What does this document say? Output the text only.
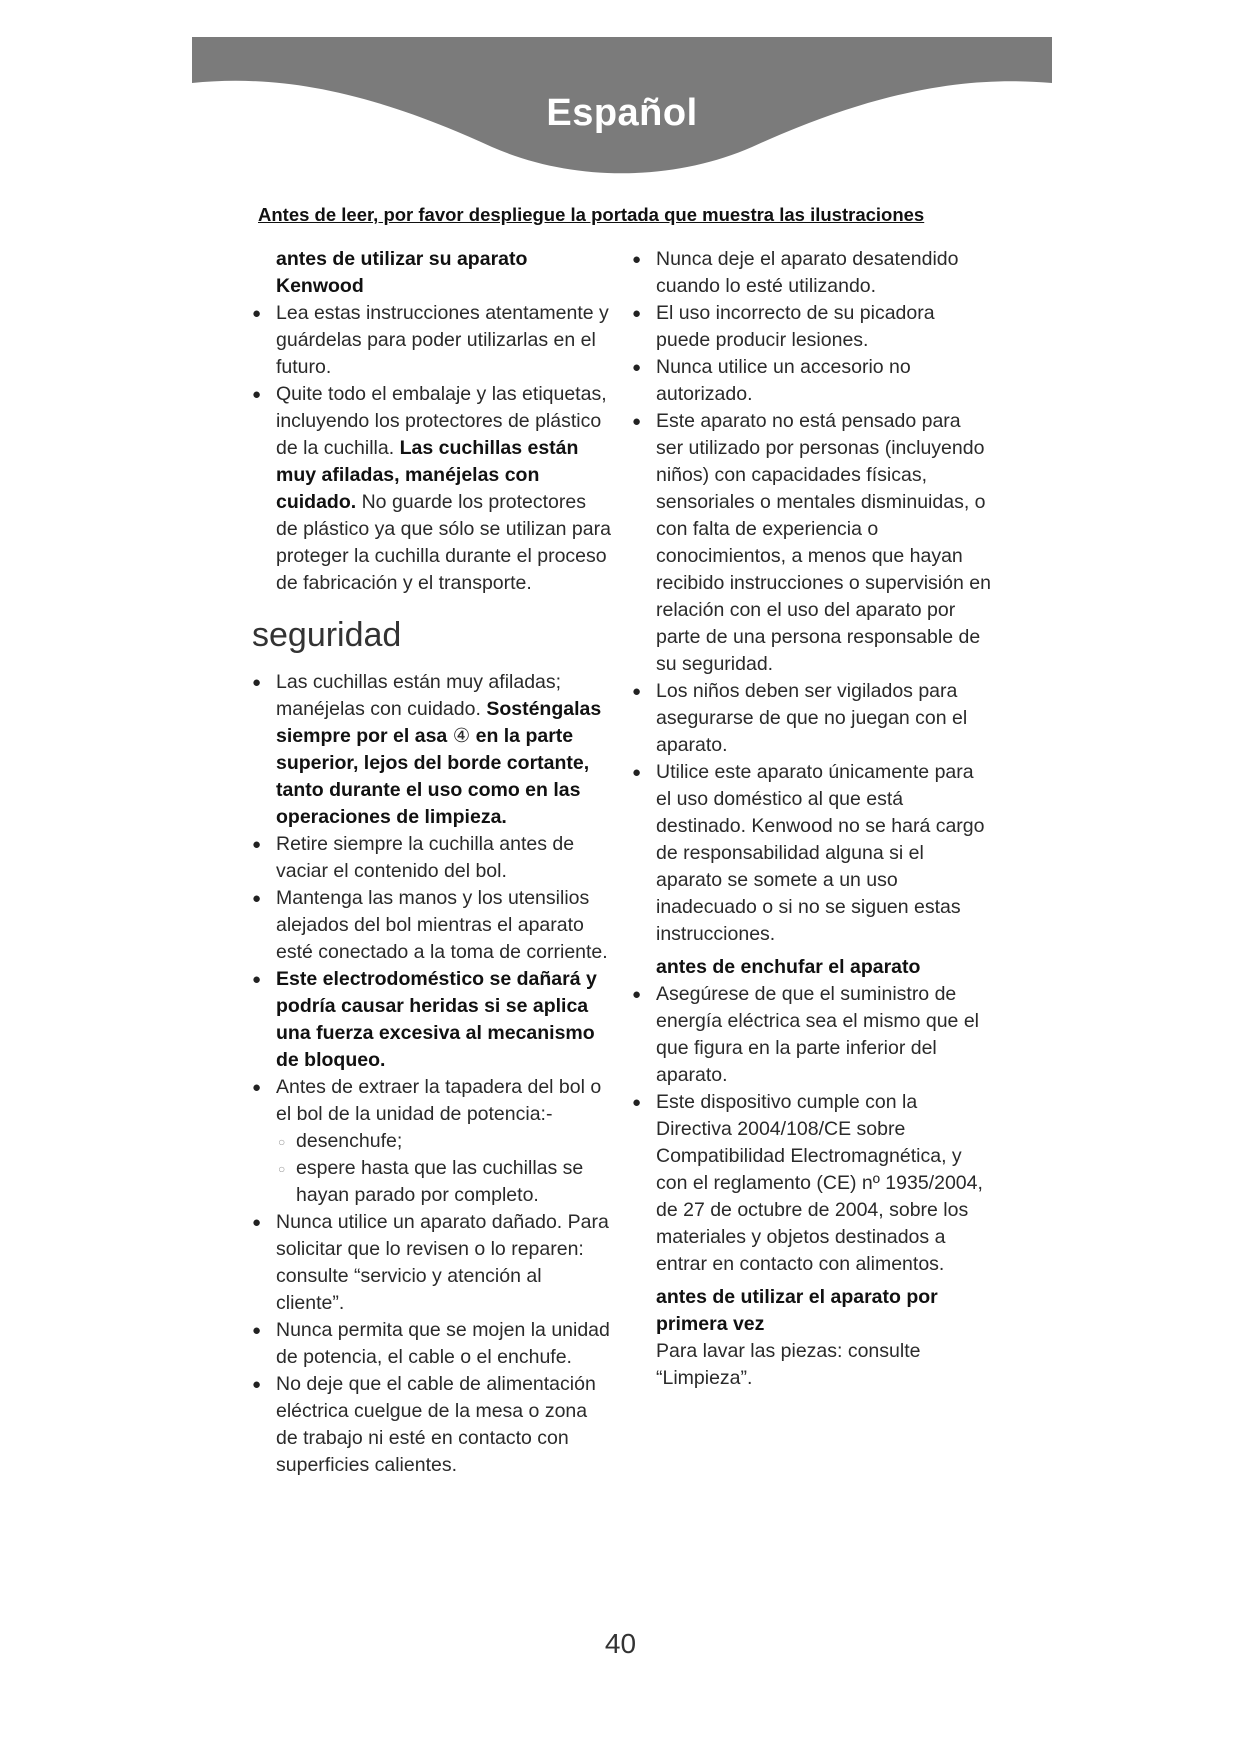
Español
Antes de leer, por favor despliegue la portada que muestra las ilustraciones

antes de utilizar su aparato
Kenwood

● Lea estas instrucciones atentamente y guárdelas para poder utilizarlas en el futuro.

● Quite todo el embalaje y las etiquetas, incluyendo los protectores de plástico de la cuchilla. Las cuchillas están muy afiladas, manéjelas con cuidado. No guarde los protectores de plástico ya que sólo se utilizan para proteger la cuchilla durante el proceso de fabricación y el transporte.

seguridad

● Las cuchillas están muy afiladas; manéjelas con cuidado. Sosténgalas siempre por el asa ④ en la parte superior, lejos del borde cortante, tanto durante el uso como en las operaciones de limpieza.

● Retire siempre la cuchilla antes de vaciar el contenido del bol.

● Mantenga las manos y los utensilios alejados del bol mientras el aparato esté conectado a la toma de corriente.

● Este electrodoméstico se dañará y podría causar heridas si se aplica una fuerza excesiva al mecanismo de bloqueo.

● Antes de extraer la tapadera del bol o el bol de la unidad de potencia:-

○ desenchufe;

○ espere hasta que las cuchillas se hayan parado por completo.

● Nunca utilice un aparato dañado. Para solicitar que lo revisen o lo reparen: consulte “servicio y atención al cliente”.

● Nunca permita que se mojen la unidad de potencia, el cable o el enchufe.

● No deje que el cable de alimentación eléctrica cuelgue de la mesa o zona de trabajo ni esté en contacto con superficies calientes.

● Nunca deje el aparato desatendido cuando lo esté utilizando.

● El uso incorrecto de su picadora puede producir lesiones.

● Nunca utilice un accesorio no autorizado.

● Este aparato no está pensado para ser utilizado por personas (incluyendo niños) con capacidades físicas, sensoriales o mentales disminuidas, o con falta de experiencia o conocimientos, a menos que hayan recibido instrucciones o supervisión en relación con el uso del aparato por parte de una persona responsable de su seguridad.

● Los niños deben ser vigilados para asegurarse de que no juegan con el aparato.

● Utilice este aparato únicamente para el uso doméstico al que está destinado. Kenwood no se hará cargo de responsabilidad alguna si el aparato se somete a un uso inadecuado o si no se siguen estas instrucciones.

antes de enchufar el aparato

● Asegúrese de que el suministro de energía eléctrica sea el mismo que el que figura en la parte inferior del aparato.

● Este dispositivo cumple con la Directiva 2004/108/CE sobre Compatibilidad Electromagnética, y con el reglamento (CE) nº 1935/2004, de 27 de octubre de 2004, sobre los materiales y objetos destinados a entrar en contacto con alimentos.

antes de utilizar el aparato por primera vez

Para lavar las piezas: consulte “Limpieza”.

40
